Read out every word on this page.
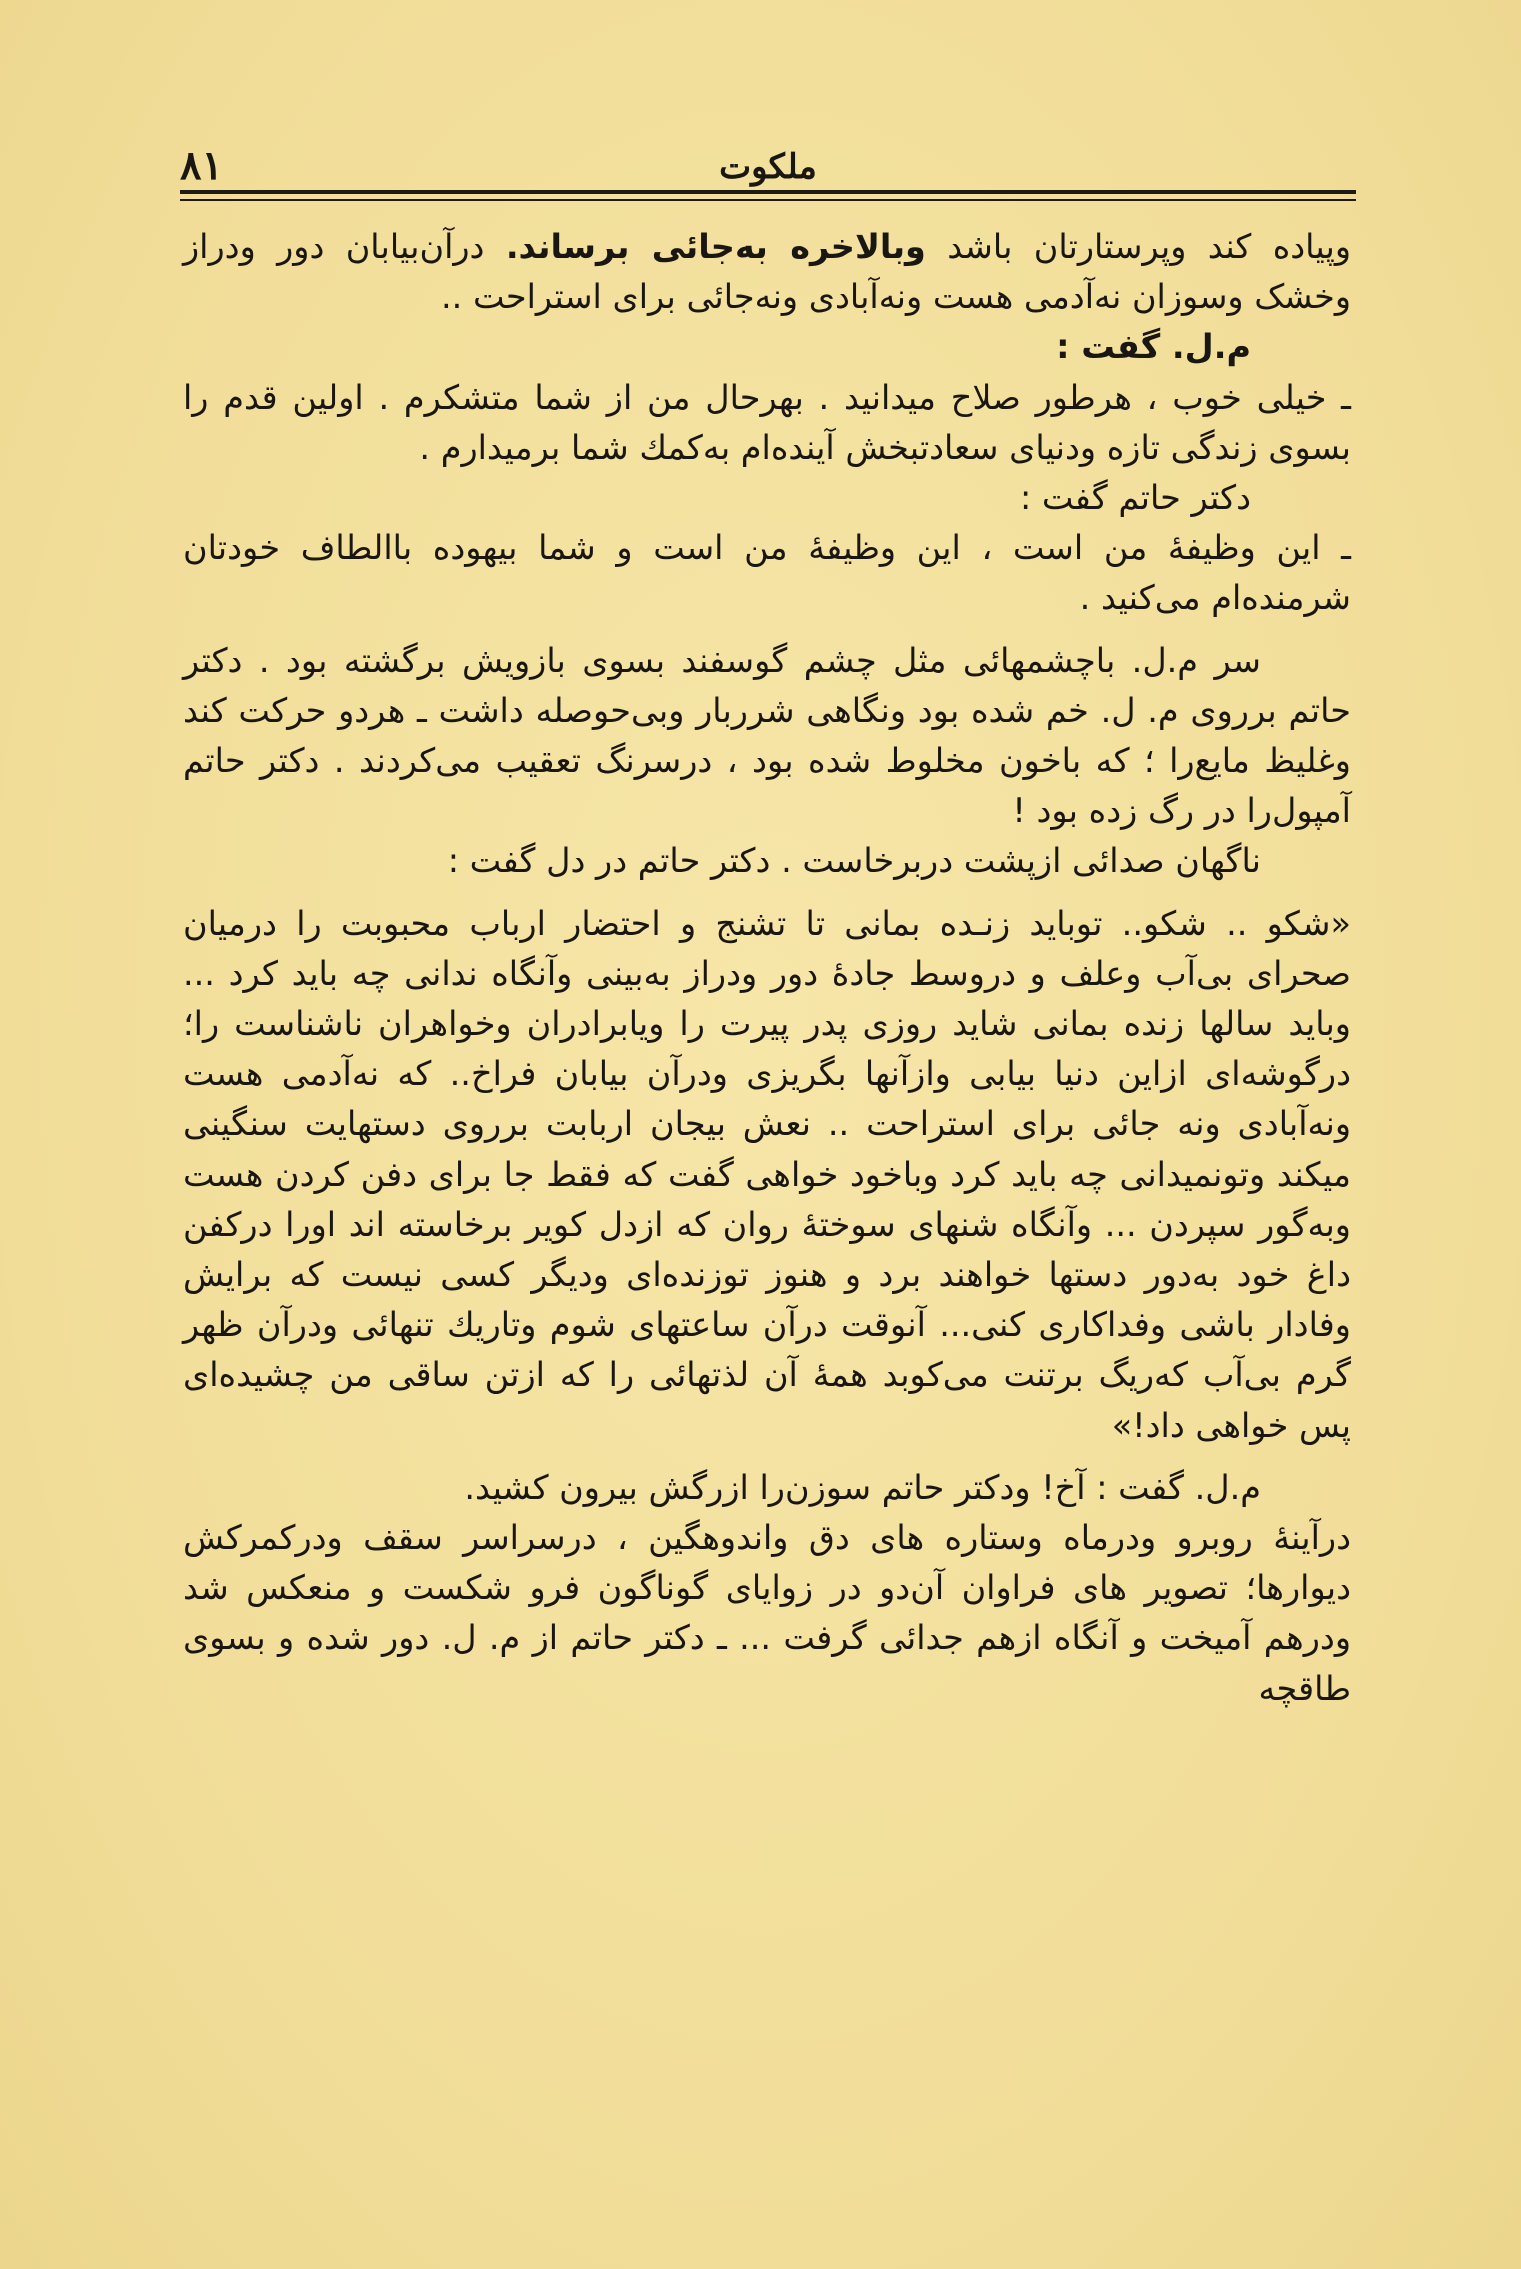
۸۱	ملکوت

وپیاده کند وپرستارتان باشد وبالاخره به‌جائی برساند. درآن‌بیابان دور ودراز وخشک وسوزان نه‌آدمی هست ونه‌آبادی ونه‌جائی برای استراحت ..

م.ل. گفت :

ـ خیلی خوب ، هرطور صلاح میدانید . بهرحال من از شما متشکرم . اولین قدم را بسوی زندگی تازه ودنیای سعادتبخش آینده‌ام به‌کمك شما برمیدارم .

دکتر حاتم گفت :

ـ این وظیفهٔ من است ، این وظیفهٔ من است و شما بیهوده باالطاف خودتان شرمنده‌ام می‌کنید .

سر م.ل. باچشمهائی مثل چشم گوسفند بسوی بازویش برگشته بود . دکتر حاتم برروی م. ل. خم شده بود ونگاهی شرربار وبی‌حوصله داشت ـ هردو حرکت کند وغلیظ مایع‌را ؛ که باخون مخلوط شده بود ، درسرنگ تعقیب می‌کردند . دکتر حاتم آمپول‌را در رگ زده بود !

ناگهان صدائی ازپشت دربرخاست . دکتر حاتم در دل گفت :

«شکو .. شکو.. توباید زنـده بمانی تا تشنج و احتضار ارباب محبوبت را درمیان صحرای بی‌آب وعلف و دروسط جادهٔ دور ودراز به‌بینی وآنگاه ندانی چه باید کرد ... وباید سالها زنده بمانی شاید روزی پدر پیرت را ویابرادران وخواهران ناشناست را؛ درگوشه‌ای ازاین دنیا بیابی وازآنها بگریزی ودرآن بیابان فراخ.. که نه‌آدمی هست ونه‌آبادی ونه جائی برای استراحت .. نعش بیجان اربابت برروی دستهایت سنگینی میکند وتونمیدانی چه باید کرد وباخود خواهی گفت که فقط جا برای دفن کردن هست وبه‌گور سپردن ... وآنگاه شنهای سوختهٔ روان که ازدل کویر برخاسته اند اورا درکفن داغ خود به‌دور دستها خواهند برد و هنوز توزنده‌ای ودیگر کسی نیست که برایش وفادار باشی وفداکاری کنی... آنوقت درآن ساعتهای شوم وتاریك تنهائی ودرآن ظهر گرم بی‌آب که‌ریگ برتنت می‌کوبد همهٔ آن لذتهائی را که ازتن ساقی من چشیده‌ای پس خواهی داد!»

م.ل. گفت : آخ! ودکتر حاتم سوزن‌را ازرگش بیرون کشید.

درآینهٔ روبرو ودرماه وستاره های دق واندوهگین ، درسراسر سقف ودرکمرکش دیوارها؛ تصویر های فراوان آن‌دو در زوایای گوناگون فرو شکست و منعکس شد ودرهم آمیخت و آنگاه ازهم جدائی گرفت ... ـ دکتر حاتم از م. ل. دور شده و بسوی طاقچه
